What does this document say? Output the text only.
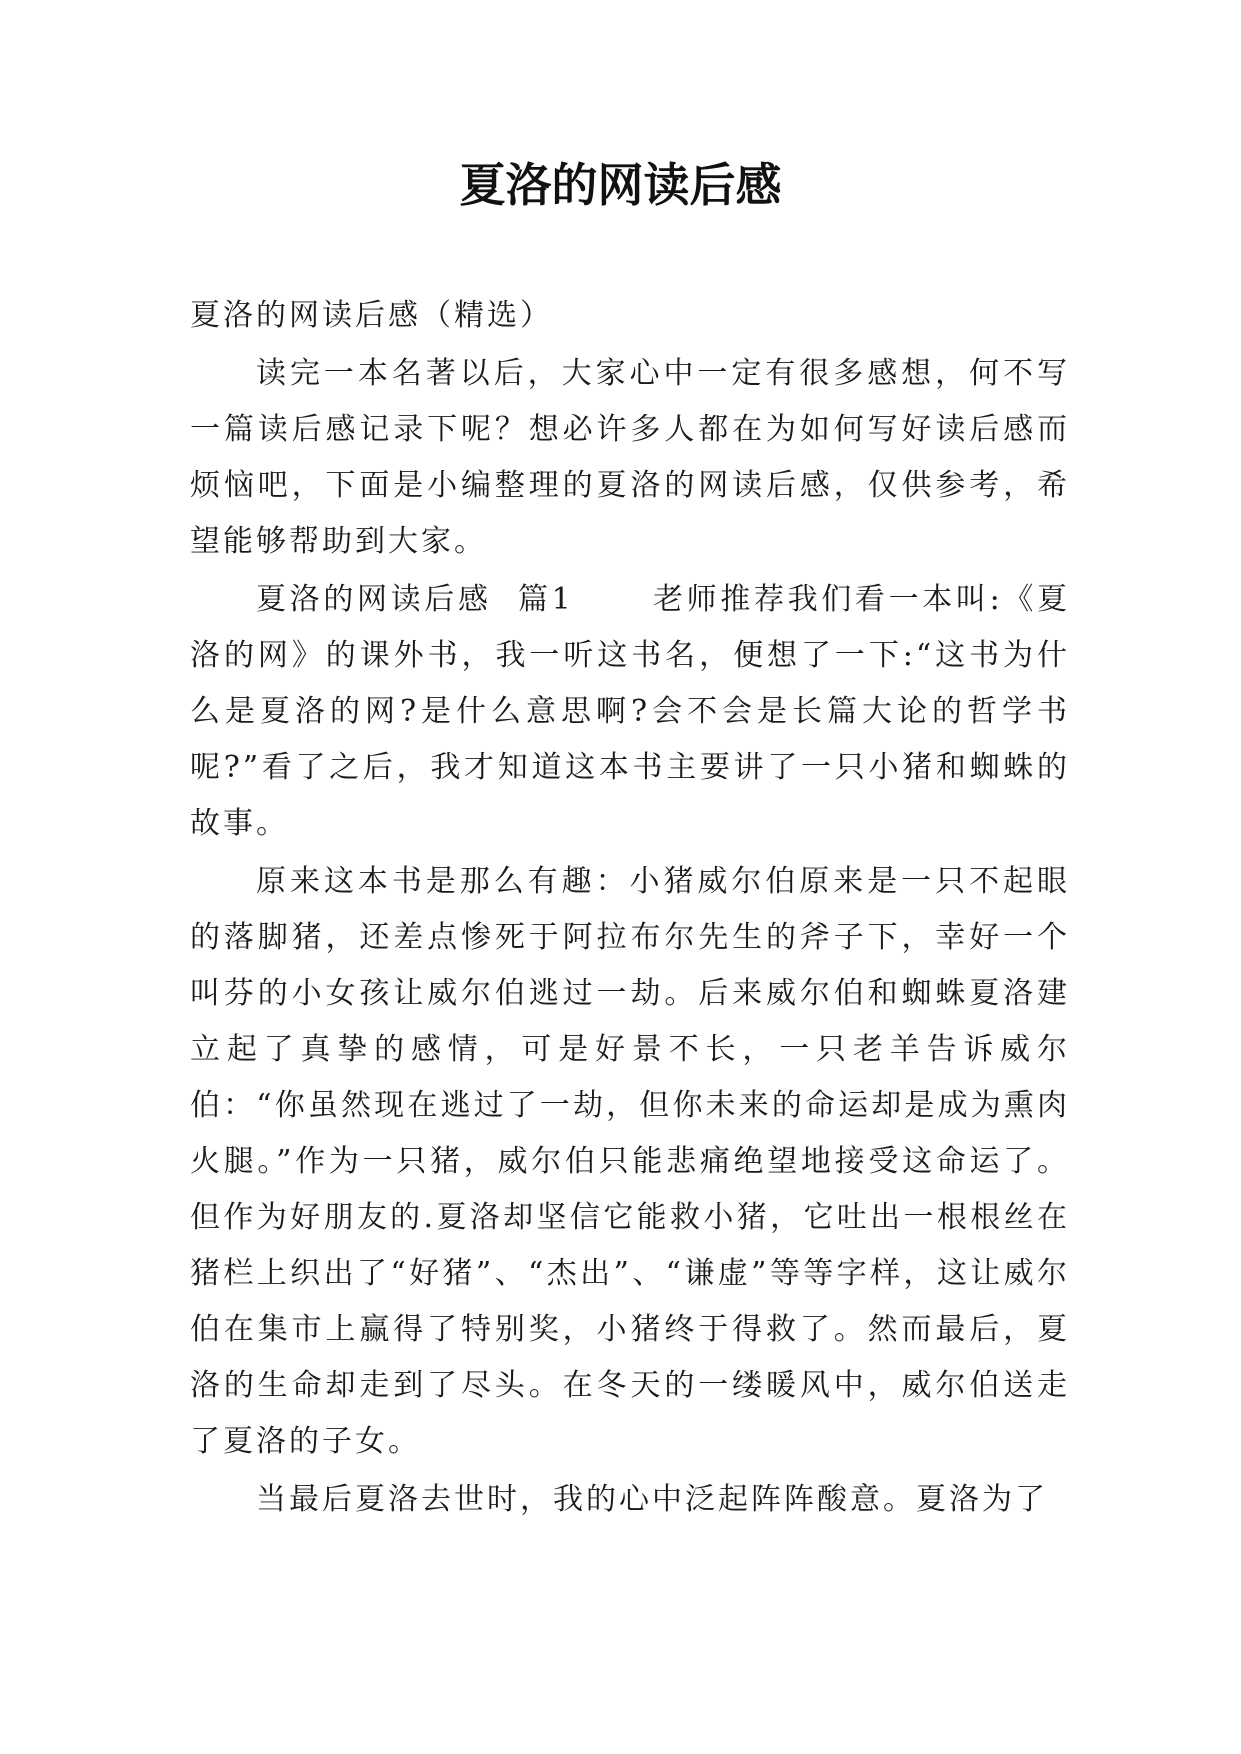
夏洛的网读后感

夏洛的网读后感（精选）

读完一本名著以后，大家心中一定有很多感想，何不写一篇读后感记录下呢？想必许多人都在为如何写好读后感而烦恼吧，下面是小编整理的夏洛的网读后感，仅供参考，希望能够帮助到大家。

夏洛的网读后感  篇1      老师推荐我们看一本叫:《夏洛的网》的课外书，我一听这书名，便想了一下:“这书为什么是夏洛的网?是什么意思啊?会不会是长篇大论的哲学书呢?”看了之后，我才知道这本书主要讲了一只小猪和蜘蛛的故事。

原来这本书是那么有趣：小猪威尔伯原来是一只不起眼的落脚猪，还差点惨死于阿拉布尔先生的斧子下，幸好一个叫芬的小女孩让威尔伯逃过一劫。后来威尔伯和蜘蛛夏洛建立起了真挚的感情，可是好景不长，一只老羊告诉威尔伯：“你虽然现在逃过了一劫，但你未来的命运却是成为熏肉火腿。”作为一只猪，威尔伯只能悲痛绝望地接受这命运了。但作为好朋友的.夏洛却坚信它能救小猪，它吐出一根根丝在猪栏上织出了“好猪”、“杰出”、“谦虚”等等字样，这让威尔伯在集市上赢得了特别奖，小猪终于得救了。然而最后，夏洛的生命却走到了尽头。在冬天的一缕暖风中，威尔伯送走了夏洛的子女。

当最后夏洛去世时，我的心中泛起阵阵酸意。夏洛为了
